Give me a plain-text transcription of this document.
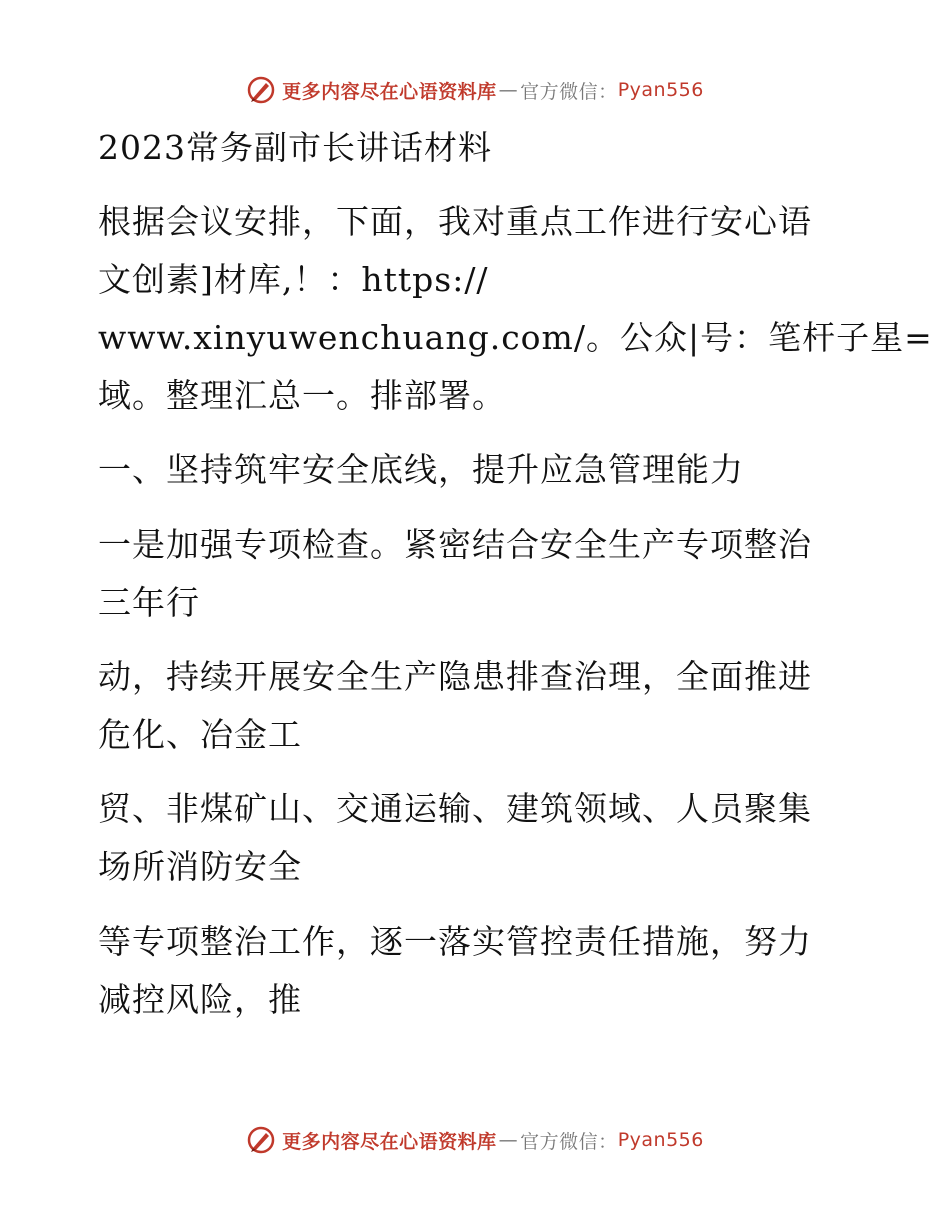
更多内容尽在心语资料库 — 官方微信： Pyan556
2023常务副市长讲话材料
根据会议安排，下面，我对重点工作进行安心语
文创素]材库,！：https://
www.xinyuwenchuang.com/。公众|号：笔杆子星=
域。整理汇总一。排部署。
一、坚持筑牢安全底线，提升应急管理能力
一是加强专项检查。紧密结合安全生产专项整治
三年行
动，持续开展安全生产隐患排查治理，全面推进
危化、冶金工
贸、非煤矿山、交通运输、建筑领域、人员聚集
场所消防安全
等专项整治工作，逐一落实管控责任措施，努力
减控风险，推
更多内容尽在心语资料库 — 官方微信： Pyan556
